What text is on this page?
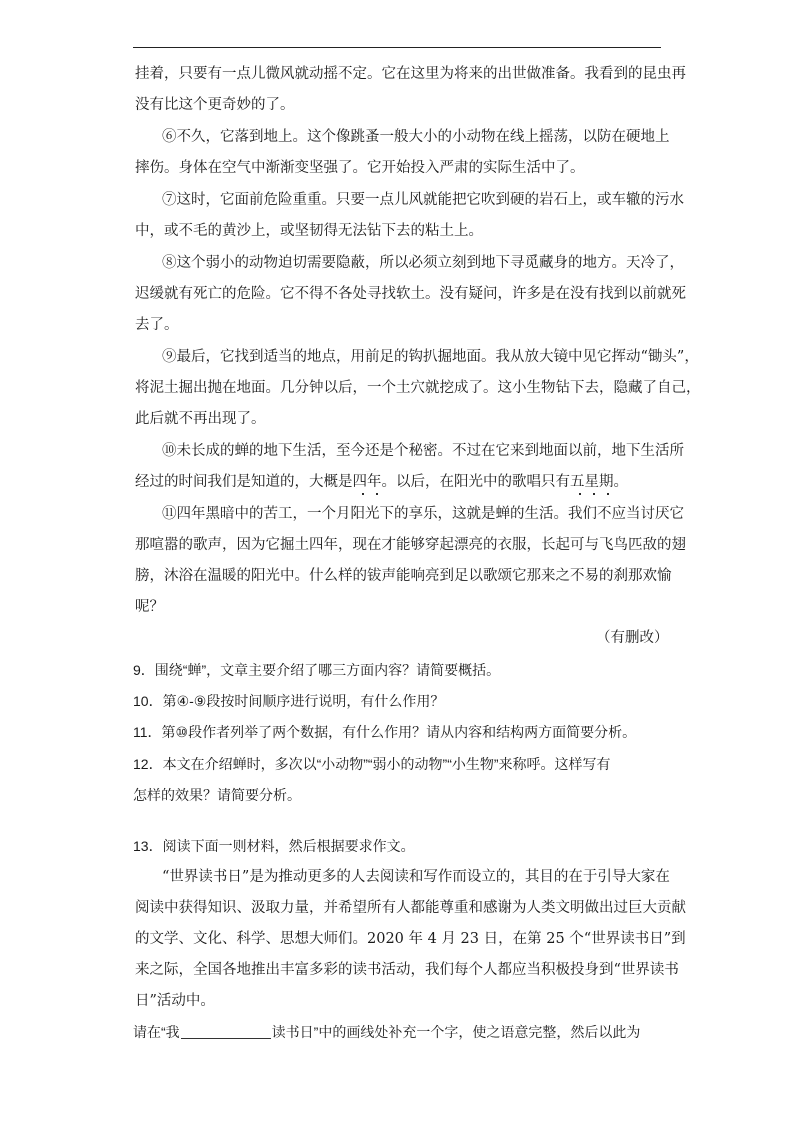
挂着，只要有一点儿微风就动摇不定。它在这里为将来的出世做准备。我看到的昆虫再
没有比这个更奇妙的了。
⑥不久，它落到地上。这个像跳蚤一般大小的小动物在线上摇荡，以防在硬地上
摔伤。身体在空气中渐渐变坚强了。它开始投入严肃的实际生活中了。
⑦这时，它面前危险重重。只要一点儿风就能把它吹到硬的岩石上，或车辙的污水
中，或不毛的黄沙上，或坚韧得无法钻下去的粘土上。
⑧这个弱小的动物迫切需要隐蔽，所以必须立刻到地下寻觅藏身的地方。天冷了，
迟缓就有死亡的危险。它不得不各处寻找软土。没有疑问，许多是在没有找到以前就死
去了。
⑨最后，它找到适当的地点，用前足的钩扒掘地面。我从放大镜中见它挥动“锄头”，
将泥土掘出抛在地面。几分钟以后，一个土穴就挖成了。这小生物钻下去，隐藏了自己，
此后就不再出现了。
⑩未长成的蝉的地下生活，至今还是个秘密。不过在它来到地面以前，地下生活所
经过的时间我们是知道的，大概是四年。以后，在阳光中的歌唱只有五星期。
⑪四年黑暗中的苦工，一个月阳光下的享乐，这就是蝉的生活。我们不应当讨厌它
那喧嚣的歌声，因为它掘土四年，现在才能够穿起漂亮的衣服，长起可与飞鸟匹敌的翅
膀，沐浴在温暖的阳光中。什么样的钹声能响亮到足以歌颂它那来之不易的刹那欢愉
呢？
（有删改）
9．围绕“蝉”，文章主要介绍了哪三方面内容？请简要概括。
10．第④-⑨段按时间顺序进行说明，有什么作用？
11．第⑩段作者列举了两个数据，有什么作用？请从内容和结构两方面简要分析。
12．本文在介绍蝉时，多次以“小动物”“弱小的动物”“小生物”来称呼。这样写有
怎样的效果？请简要分析。
13．阅读下面一则材料，然后根据要求作文。
“世界读书日”是为推动更多的人去阅读和写作而设立的，其目的在于引导大家在
阅读中获得知识、汲取力量，并希望所有人都能尊重和感谢为人类文明做出过巨大贡献
的文学、文化、科学、思想大师们。2020 年 4 月 23 日，在第 25 个“世界读书日”到
来之际，全国各地推出丰富多彩的读书活动，我们每个人都应当积极投身到“世界读书
日”活动中。
请在“我	读书日”中的画线处补充一个字，使之语意完整，然后以此为
